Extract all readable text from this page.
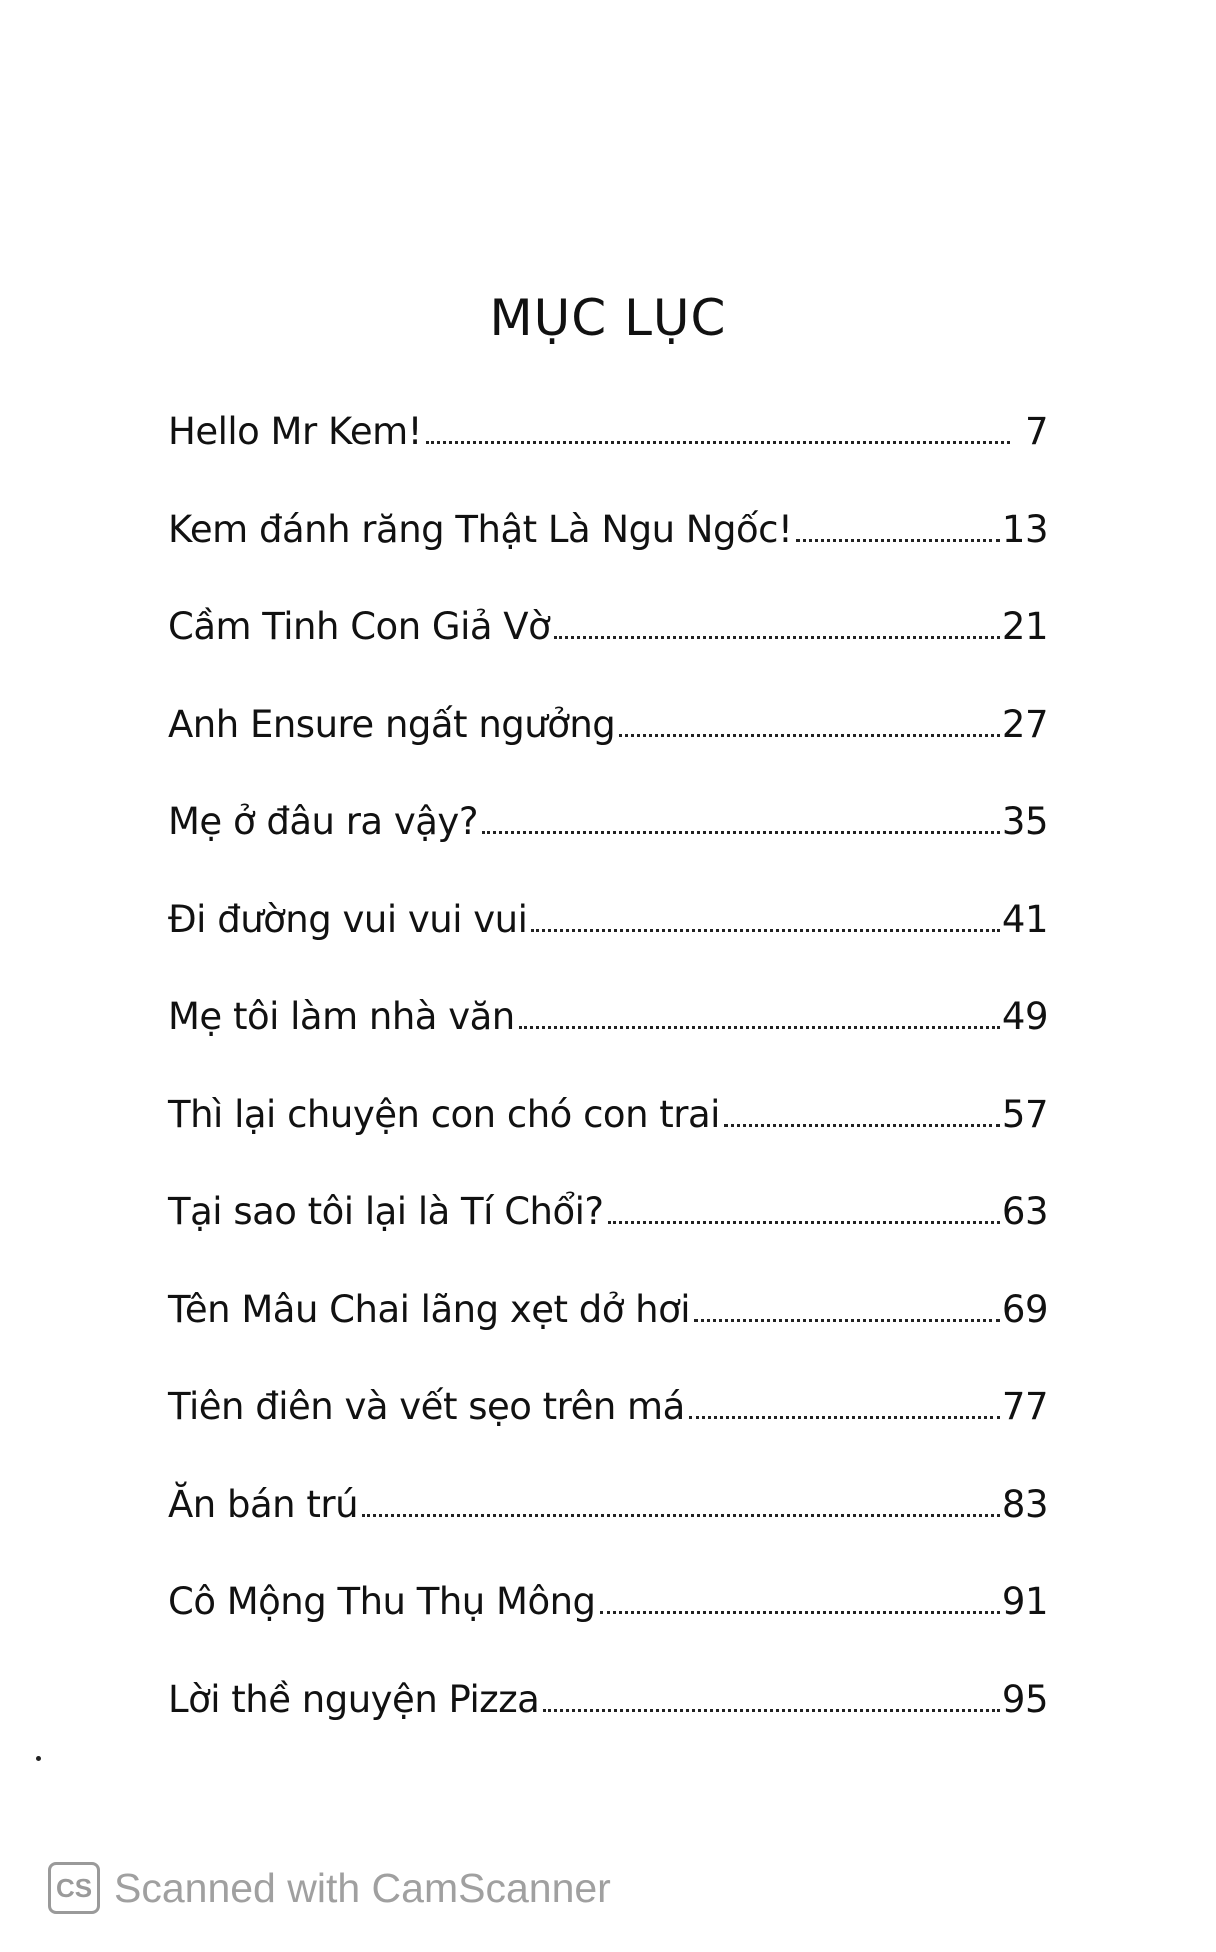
MỤC LỤC
Hello Mr Kem!	7
Kem đánh răng Thật Là Ngu Ngốc!	13
Cầm Tinh Con Giả Vờ	21
Anh Ensure ngất ngưởng	27
Mẹ ở đâu ra vậy?	35
Đi đường vui vui vui	41
Mẹ tôi làm nhà văn	49
Thì lại chuyện con chó con trai	57
Tại sao tôi lại là Tí Chổi?	63
Tên Mâu Chai lãng xẹt dở hơi	69
Tiên điên và vết sẹo trên má	77
Ăn bán trú	83
Cô Mộng Thu Thụ Mông	91
Lời thề nguyện Pizza	95
CS Scanned with CamScanner
